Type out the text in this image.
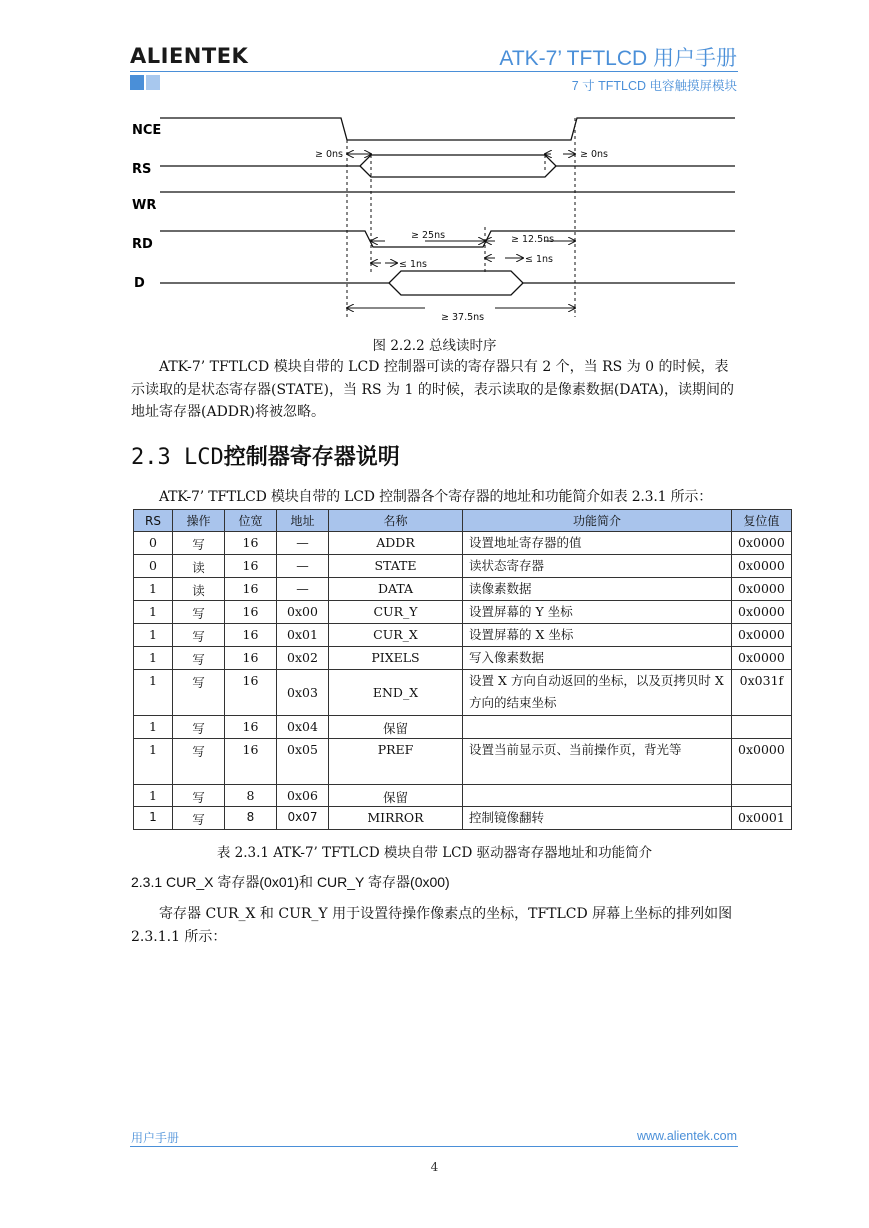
ALIENTEK	ATK-7’ TFTLCD 用户手册
7 寸 TFTLCD 电容触摸屏模块
NCE
RS
WR
RD
D
≥ 0ns	≥ 0ns
≥ 25ns	≥ 12.5ns
≤ 1ns	≤ 1ns
≥ 37.5ns
图 2.2.2 总线读时序
ATK-7’ TFTLCD 模块自带的 LCD 控制器可读的寄存器只有 2 个，当 RS 为 0 的时候，表示读取的是状态寄存器(STATE)，当 RS 为 1 的时候，表示读取的是像素数据(DATA)，读期间的地址寄存器(ADDR)将被忽略。
2.3 LCD控制器寄存器说明
ATK-7’ TFTLCD 模块自带的 LCD 控制器各个寄存器的地址和功能简介如表 2.3.1 所示：
RS	操作	位宽	地址	名称	功能简介	复位值
0	写	16	—	ADDR	设置地址寄存器的值	0x0000
0	读	16	—	STATE	读状态寄存器	0x0000
1	读	16	—	DATA	读像素数据	0x0000
1	写	16	0x00	CUR_Y	设置屏幕的 Y 坐标	0x0000
1	写	16	0x01	CUR_X	设置屏幕的 X 坐标	0x0000
1	写	16	0x02	PIXELS	写入像素数据	0x0000
1	写	16	0x03	END_X	设置 X 方向自动返回的坐标，以及页拷贝时 X 方向的结束坐标	0x031f
1	写	16	0x04	保留		
1	写	16	0x05	PREF	设置当前显示页、当前操作页，背光等	0x0000
1	写	8	0x06	保留		
1	写	8	0x07	MIRROR	控制镜像翻转	0x0001
表 2.3.1 ATK-7’ TFTLCD 模块自带 LCD 驱动器寄存器地址和功能简介
2.3.1 CUR_X 寄存器(0x01)和 CUR_Y 寄存器(0x00)
寄存器 CUR_X 和 CUR_Y 用于设置待操作像素点的坐标，TFTLCD 屏幕上坐标的排列如图 2.3.1.1 所示：
用户手册	www.alientek.com
4
